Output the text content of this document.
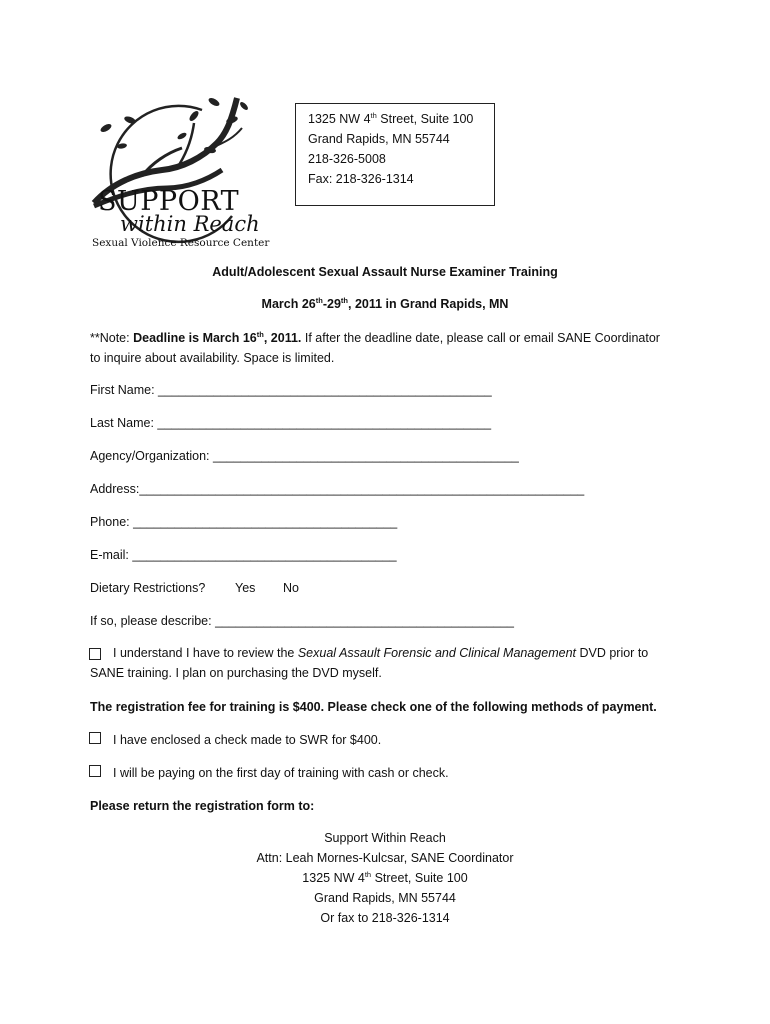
SUPPORT
within Reach
Sexual Violence Resource Center
1325 NW 4th Street, Suite 100
Grand Rapids, MN 55744
218-326-5008
Fax: 218-326-1314
Adult/Adolescent Sexual Assault Nurse Examiner Training
March 26th-29th, 2011 in Grand Rapids, MN
**Note: Deadline is March 16th, 2011. If after the deadline date, please call or email SANE Coordinator
to inquire about availability. Space is limited.
First Name: ________________________________________________
Last Name: ________________________________________________
Agency/Organization: ____________________________________________
Address:________________________________________________________________
Phone: ______________________________________
E-mail: ______________________________________
Dietary Restrictions? Yes No
If so, please describe: ___________________________________________
I understand I have to review the Sexual Assault Forensic and Clinical Management DVD prior to
SANE training. I plan on purchasing the DVD myself.
The registration fee for training is $400. Please check one of the following methods of payment.
I have enclosed a check made to SWR for $400.
I will be paying on the first day of training with cash or check.
Please return the registration form to:
Support Within Reach
Attn: Leah Mornes-Kulcsar, SANE Coordinator
1325 NW 4th Street, Suite 100
Grand Rapids, MN 55744
Or fax to 218-326-1314
